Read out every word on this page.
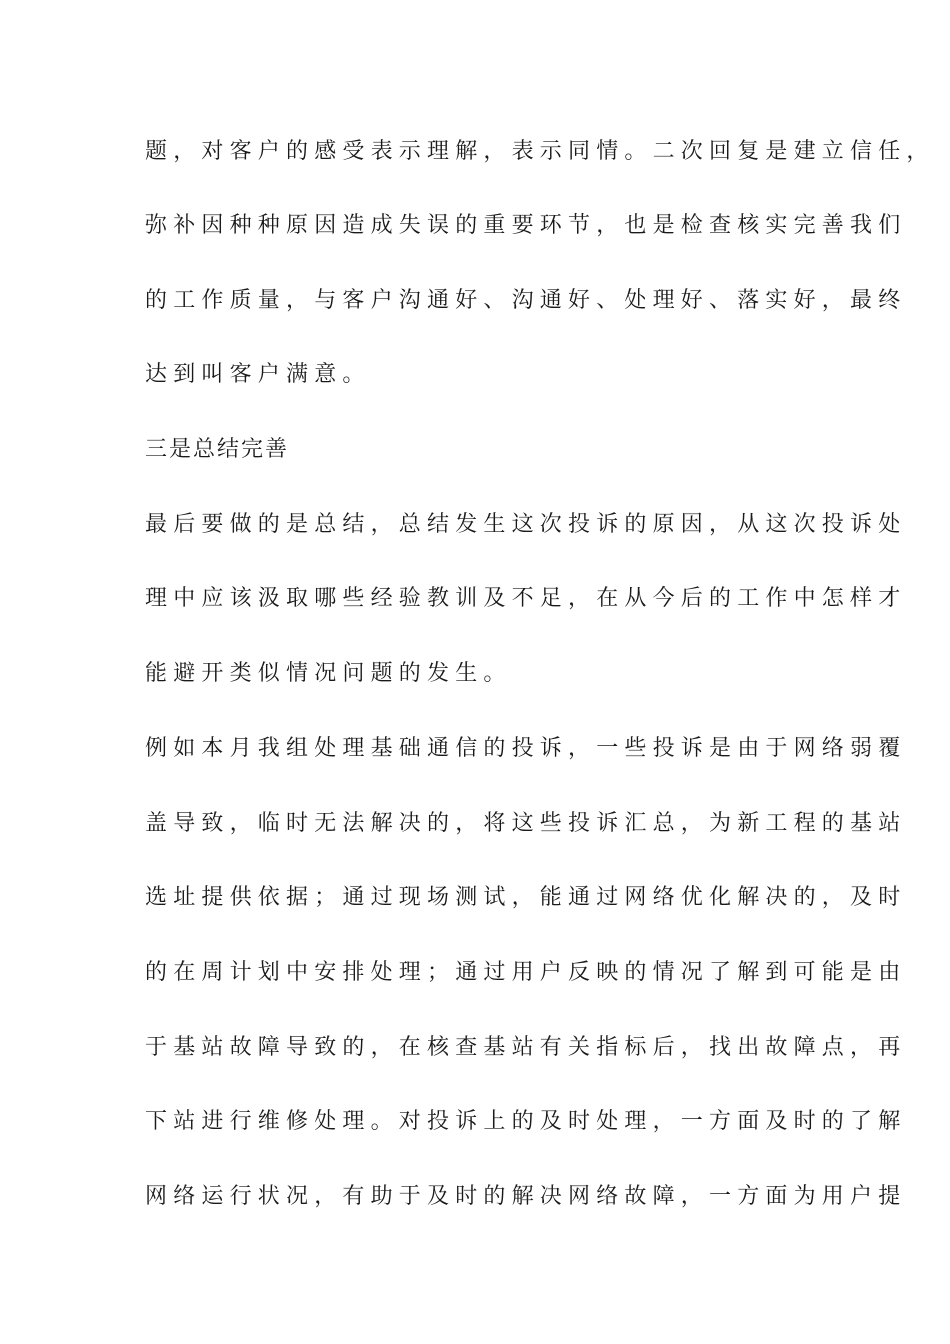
题，对客户的感受表示理解，表示同情。二次回复是建立信任，
弥补因种种原因造成失误的重要环节，也是检查核实完善我们
的工作质量，与客户沟通好、沟通好、处理好、落实好，最终
达到叫客户满意。
三是总结完善
最后要做的是总结，总结发生这次投诉的原因，从这次投诉处
理中应该汲取哪些经验教训及不足，在从今后的工作中怎样才
能避开类似情况问题的发生。
例如本月我组处理基础通信的投诉，一些投诉是由于网络弱覆
盖导致，临时无法解决的，将这些投诉汇总，为新工程的基站
选址提供依据；通过现场测试，能通过网络优化解决的，及时
的在周计划中安排处理；通过用户反映的情况了解到可能是由
于基站故障导致的，在核查基站有关指标后，找出故障点，再
下站进行维修处理。对投诉上的及时处理，一方面及时的了解
网络运行状况，有助于及时的解决网络故障，一方面为用户提
